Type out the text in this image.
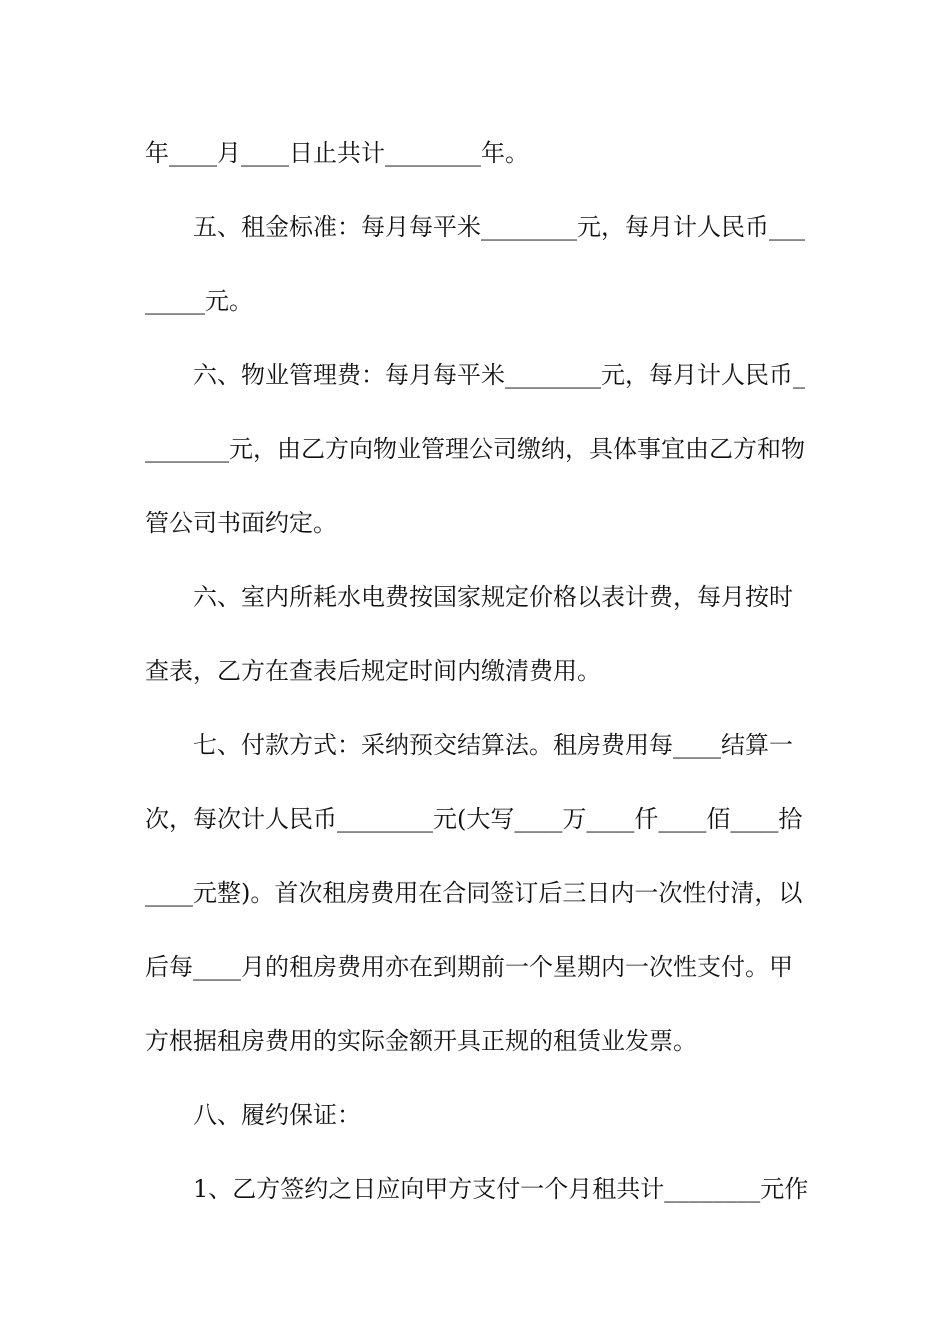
年____月____日止共计________年。
五、租金标准：每月每平米________元，每月计人民币___
_____元。
六、物业管理费：每月每平米________元，每月计人民币_
_______元，由乙方向物业管理公司缴纳，具体事宜由乙方和物
管公司书面约定。
六、室内所耗水电费按国家规定价格以表计费，每月按时
查表，乙方在查表后规定时间内缴清费用。
七、付款方式：采纳预交结算法。租房费用每____结算一
次，每次计人民币________元(大写____万____仟____佰____拾
____元整)。首次租房费用在合同签订后三日内一次性付清，以
后每____月的租房费用亦在到期前一个星期内一次性支付。甲
方根据租房费用的实际金额开具正规的租赁业发票。
八、履约保证：
1、乙方签约之日应向甲方支付一个月租共计________元作
